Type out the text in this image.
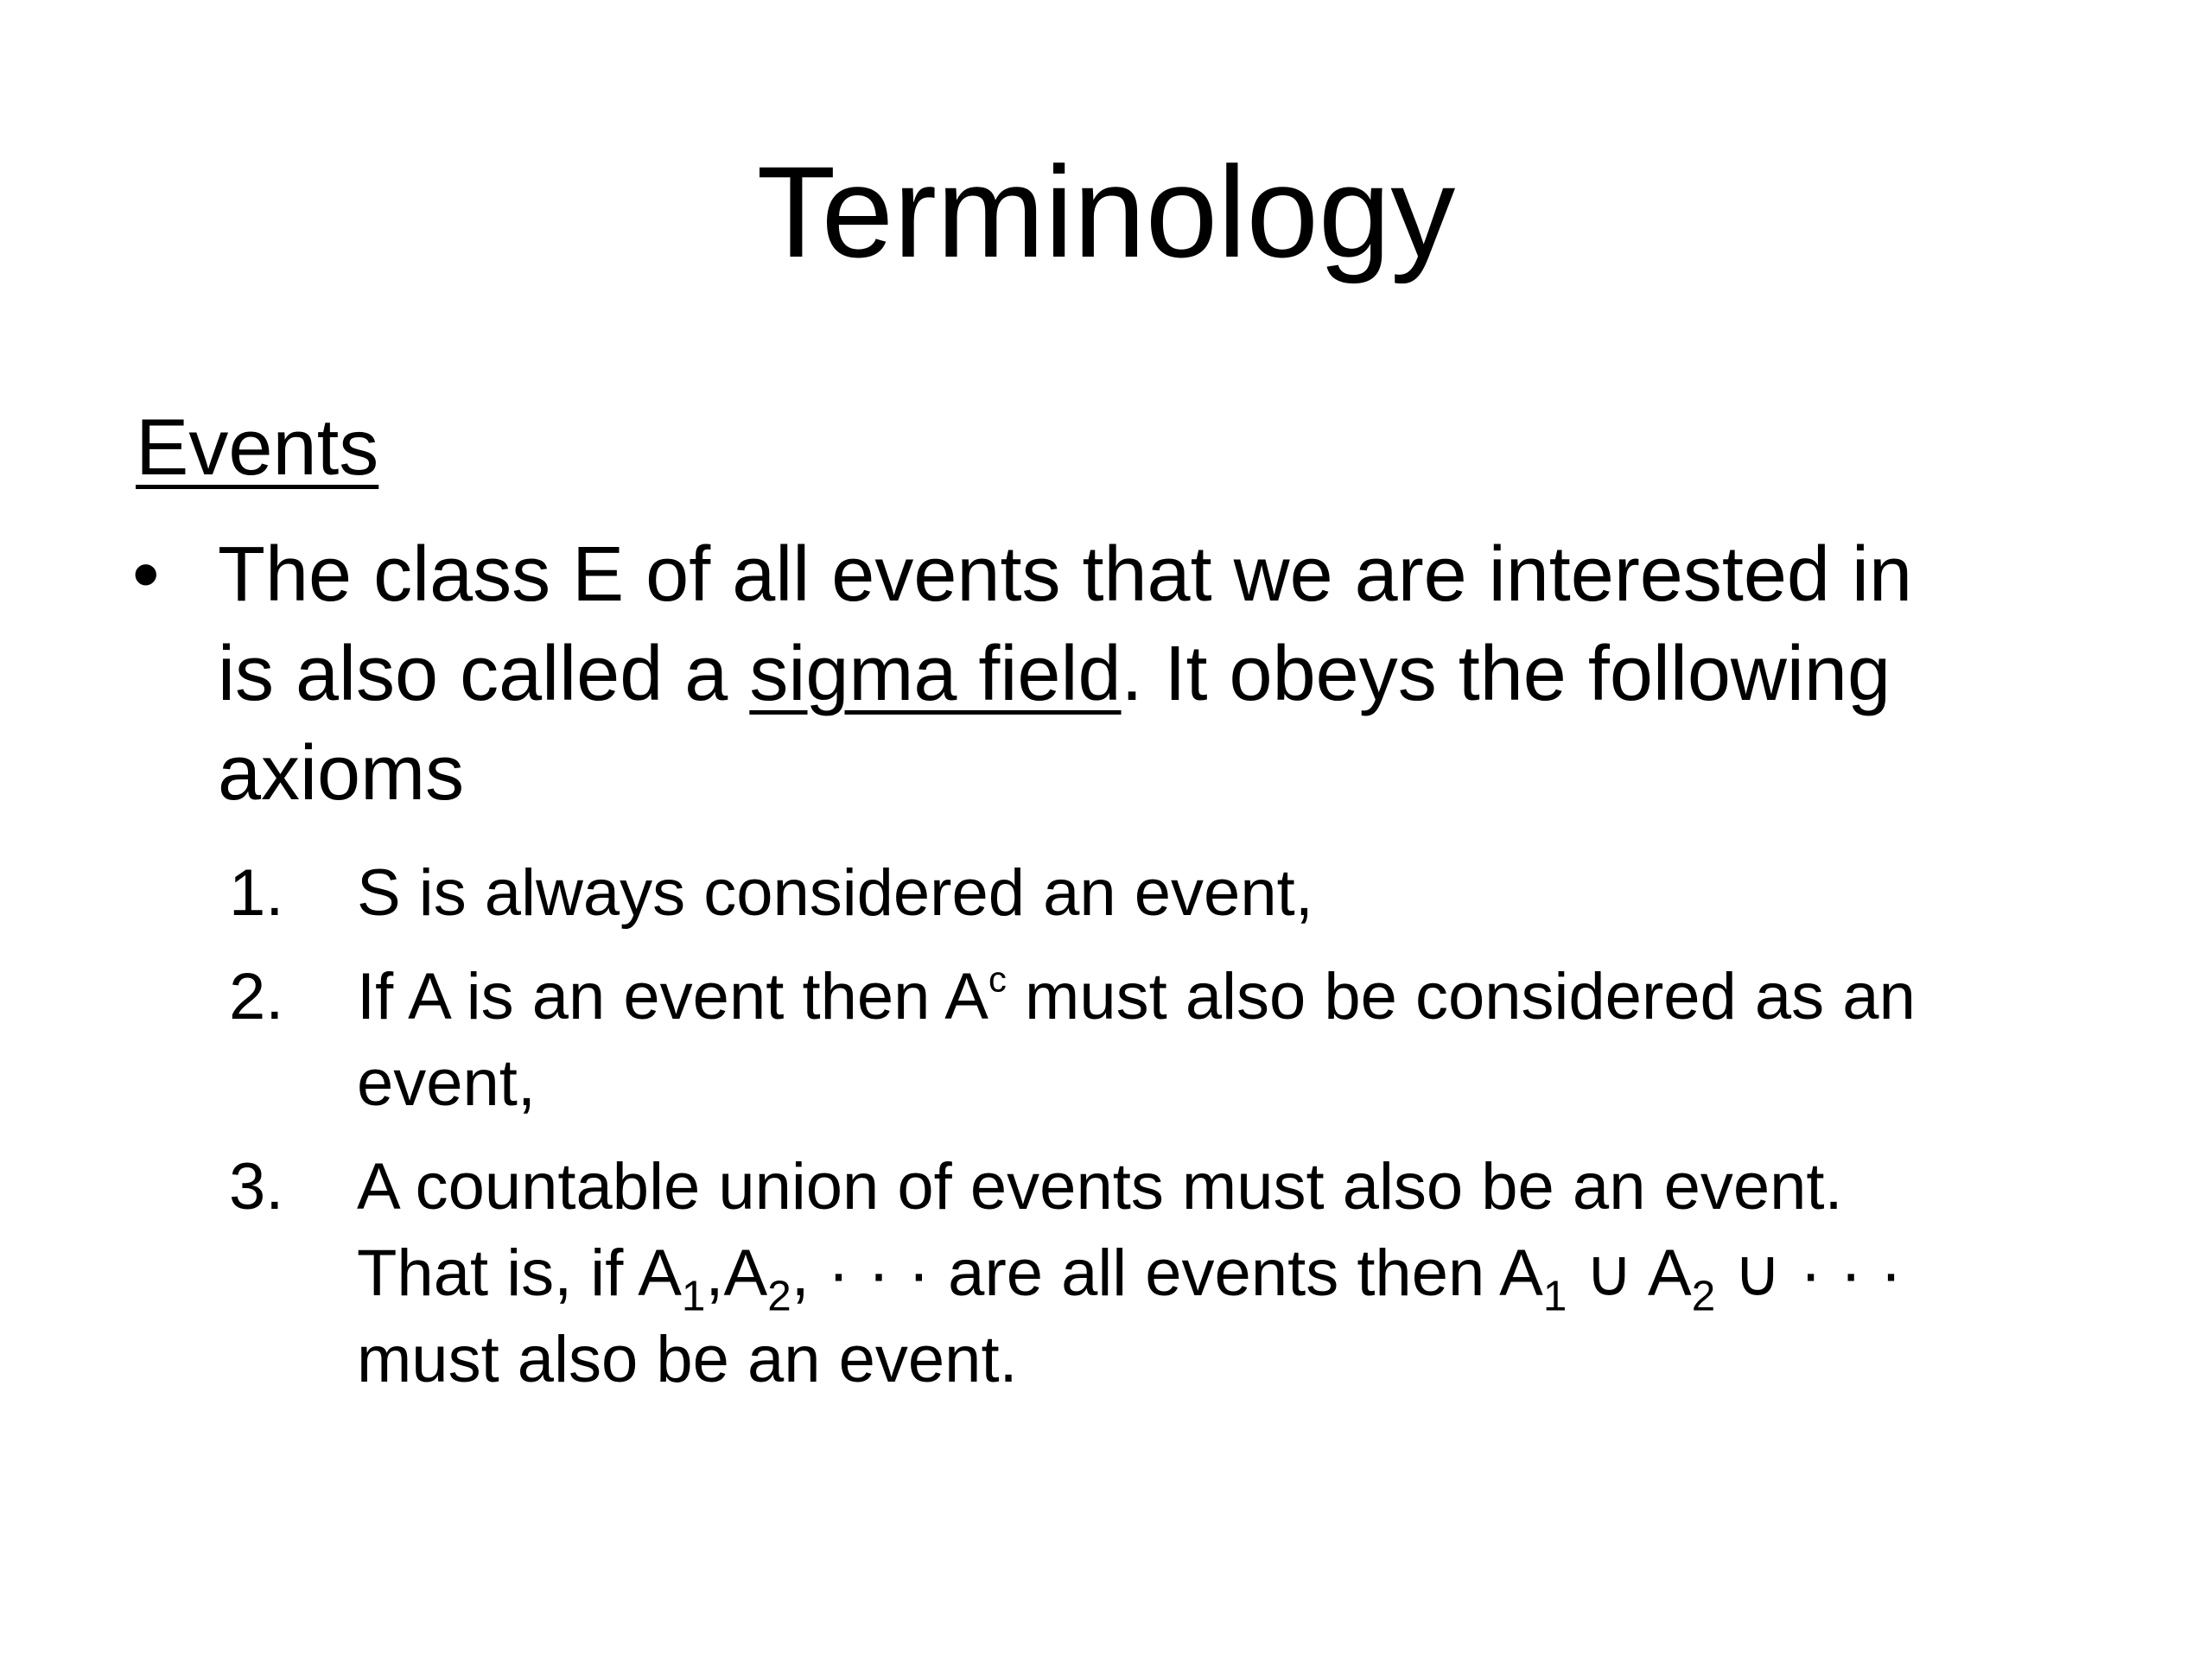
Terminology
Events
• The class E of all events that we are interested in
is also called a sigma field. It obeys the following
axioms
1. S is always considered an event,
2. If A is an event then $A^c$ must also be considered as an
event,
3. A countable union of events must also be an event.
That is, if $A_1,A_2$, · · · are all events then $A_1$ ∪ $A_2$ ∪ · · ·
must also be an event.
